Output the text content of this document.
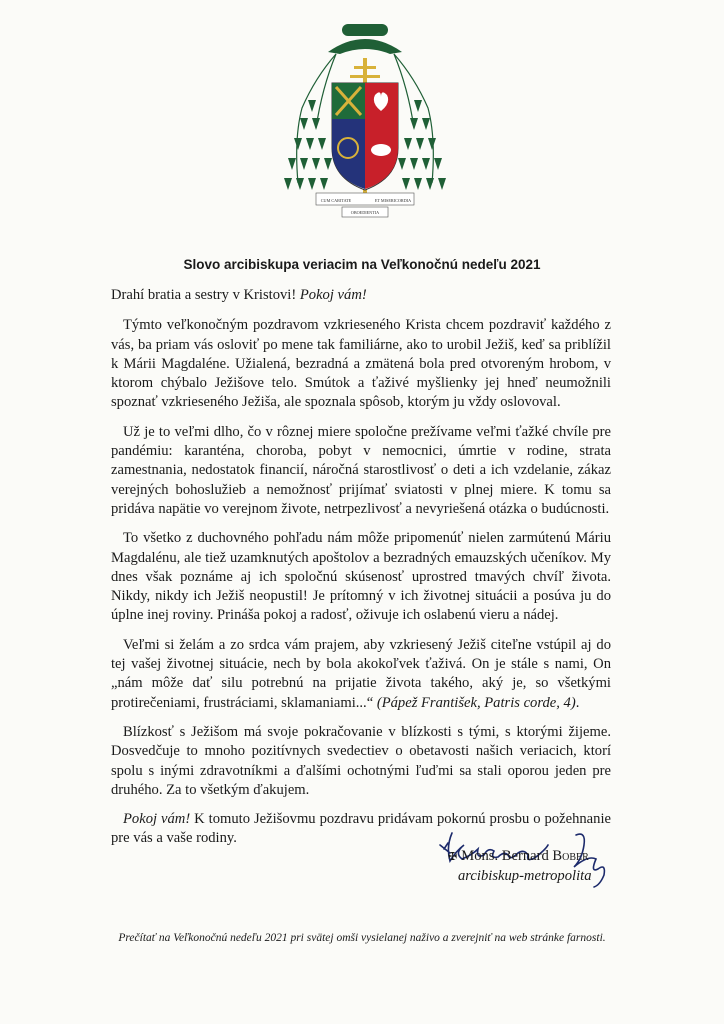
CUM CARITATE	ET MISERICORDIA
OBOEDIENTIA
Slovo arcibiskupa veriacim na Veľkonočnú nedeľu 2021

Drahí bratia a sestry v Kristovi! Pokoj vám!

Týmto veľkonočným pozdravom vzkrieseného Krista chcem pozdraviť každého z vás, ba priam vás osloviť po mene tak familiárne, ako to urobil Ježiš, keď sa priblížil k Márii Magdaléne. Užialená, bezradná a zmätená bola pred otvoreným hrobom, v ktorom chýbalo Ježišove telo. Smútok a ťaživé myšlienky jej hneď neumožnili spoznať vzkrieseného Ježiša, ale spoznala spôsob, ktorým ju vždy oslovoval.

Už je to veľmi dlho, čo v rôznej miere spoločne prežívame veľmi ťažké chvíle pre pandémiu: karanténa, choroba, pobyt v nemocnici, úmrtie v rodine, strata zamestnania, nedostatok financií, náročná starostlivosť o deti a ich vzdelanie, zákaz verejných bohoslužieb a nemožnosť prijímať sviatosti v plnej miere. K tomu sa pridáva napätie vo verejnom živote, netrpezlivosť a nevyriešená otázka o budúcnosti.

To všetko z duchovného pohľadu nám môže pripomenúť nielen zarmútenú Máriu Magdalénu, ale tiež uzamknutých apoštolov a bezradných emauzských učeníkov. My dnes však poznáme aj ich spoločnú skúsenosť uprostred tmavých chvíľ života. Nikdy, nikdy ich Ježiš neopustil! Je prítomný v ich životnej situácii a posúva ju do úplne inej roviny. Prináša pokoj a radosť, oživuje ich oslabenú vieru a nádej.

Veľmi si želám a zo srdca vám prajem, aby vzkriesený Ježiš citeľne vstúpil aj do tej vašej životnej situácie, nech by bola akokoľvek ťaživá. On je stále s nami, On „nám môže dať silu potrebnú na prijatie života takého, aký je, so všetkými protirečeniami, frustráciami, sklamaniami...“ (Pápež František, Patris corde, 4).

Blízkosť s Ježišom má svoje pokračovanie v blízkosti s tými, s ktorými žijeme. Dosvedčuje to mnoho pozitívnych svedectiev o obetavosti našich veriacich, ktorí spolu s inými zdravotníkmi a ďalšími ochotnými ľuďmi sa stali oporou jeden pre druhého. Za to všetkým ďakujem.

Pokoj vám! K tomuto Ježišovmu pozdravu pridávam pokornú prosbu o požehnanie pre vás a vaše rodiny.

✠ Mons. Bernard Bober
arcibiskup-metropolita
Prečítať na Veľkonočnú nedeľu 2021 pri svätej omši vysielanej naživo a zverejniť na web stránke farnosti.
